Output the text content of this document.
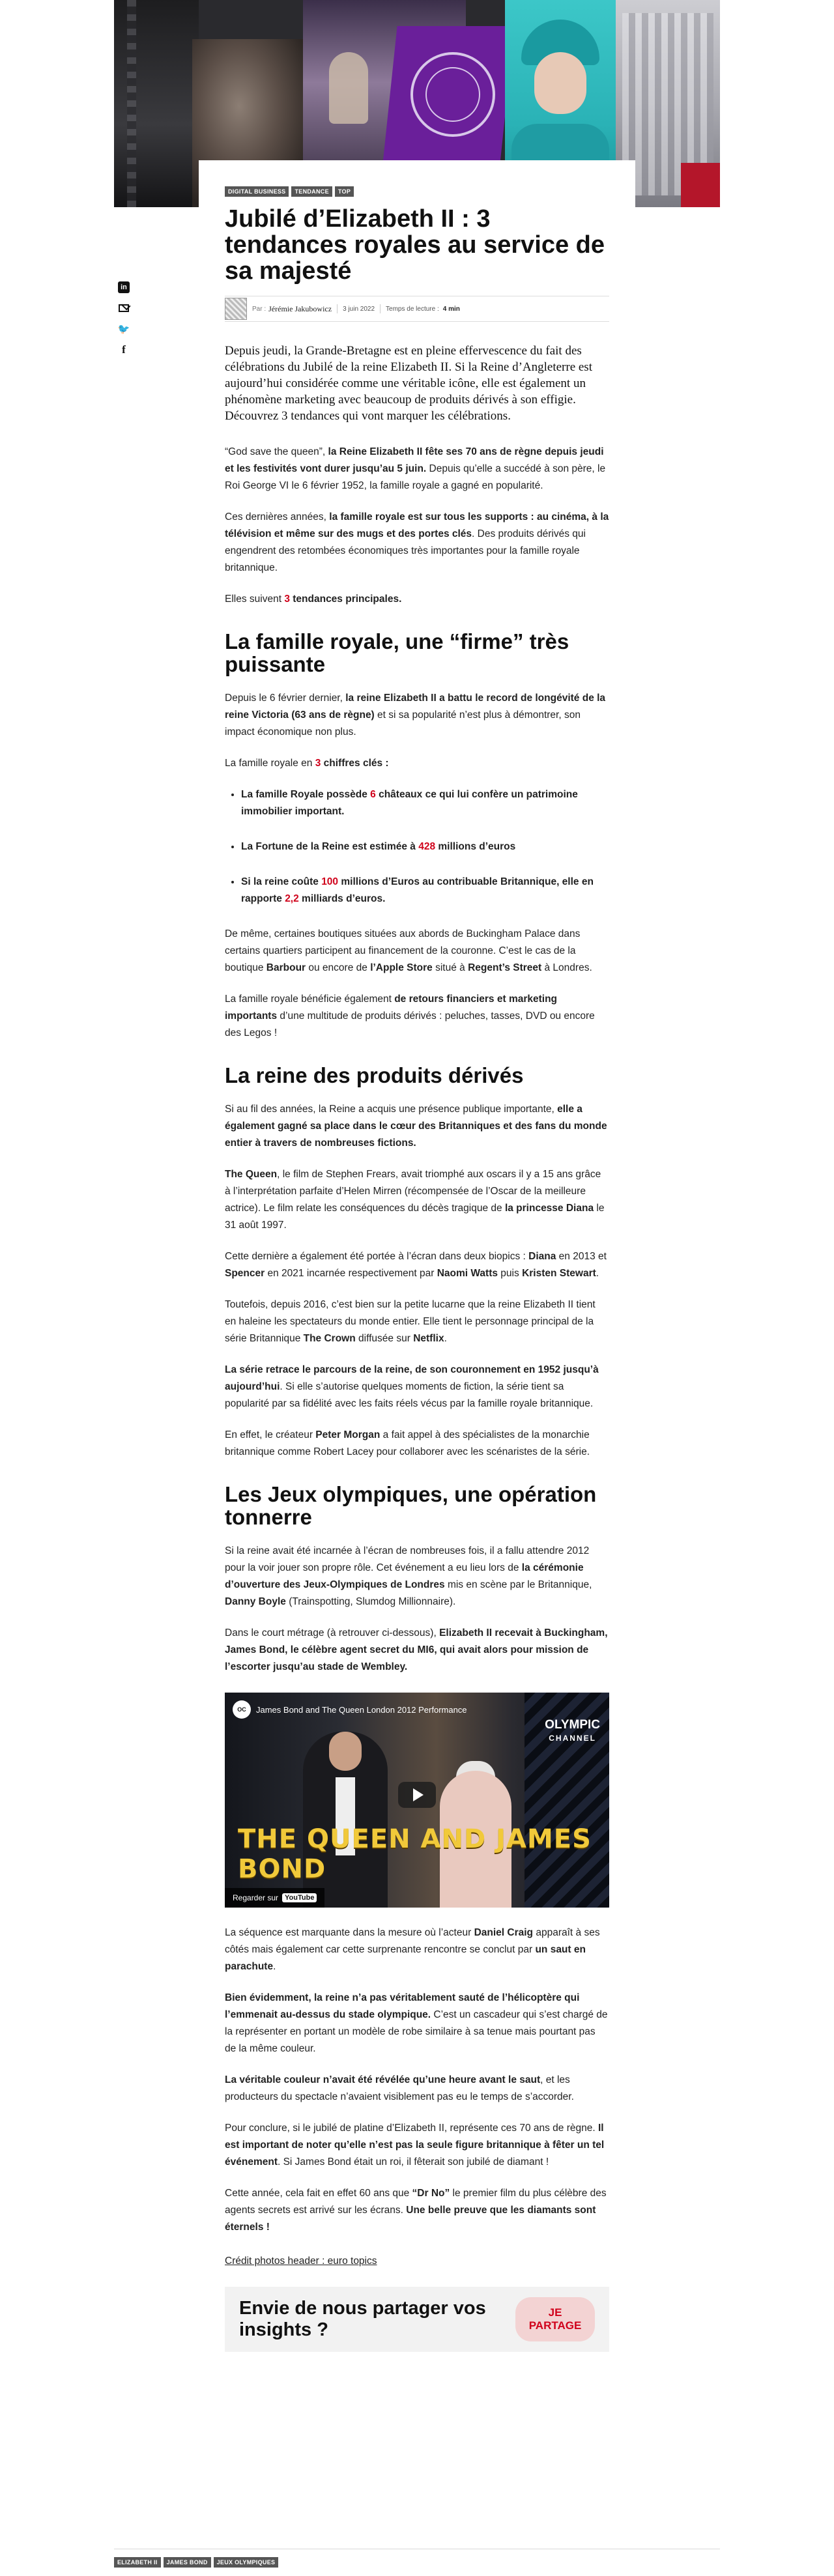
in
🐦
f
DIGITAL BUSINESS	TENDANCE	TOP
Jubilé d’Elizabeth II : 3 tendances royales au service de sa majesté
Par : Jérémie Jakubowicz 3 juin 2022 Temps de lecture : 4 min

Depuis jeudi, la Grande-Bretagne est en pleine effervescence du fait des célébrations du Jubilé de la reine Elizabeth II. Si la Reine d’Angleterre est aujourd’hui considérée comme une véritable icône, elle est également un phénomène marketing avec beaucoup de produits dérivés à son effigie. Découvrez 3 tendances qui vont marquer les célébrations.

“God save the queen”, la Reine Elizabeth II fête ses 70 ans de règne depuis jeudi et les festivités vont durer jusqu’au 5 juin. Depuis qu’elle a succédé à son père, le Roi George VI le 6 février 1952, la famille royale a gagné en popularité.

Ces dernières années, la famille royale est sur tous les supports : au cinéma, à la télévision et même sur des mugs et des portes clés. Des produits dérivés qui engendrent des retombées économiques très importantes pour la famille royale britannique.

Elles suivent 3 tendances principales.

La famille royale, une “firme” très puissante

Depuis le 6 février dernier, la reine Elizabeth II a battu le record de longévité de la reine Victoria (63 ans de règne) et si sa popularité n’est plus à démontrer, son impact économique non plus.

La famille royale en 3 chiffres clés :

• La famille Royale possède 6 châteaux ce qui lui confère un patrimoine immobilier important.
• La Fortune de la Reine est estimée à 428 millions d’euros
• Si la reine coûte 100 millions d’Euros au contribuable Britannique, elle en rapporte 2,2 milliards d’euros.

De même, certaines boutiques situées aux abords de Buckingham Palace dans certains quartiers participent au financement de la couronne. C’est le cas de la boutique Barbour ou encore de l’Apple Store situé à Regent’s Street à Londres.

La famille royale bénéficie également de retours financiers et marketing importants d’une multitude de produits dérivés : peluches, tasses, DVD ou encore des Legos !

La reine des produits dérivés

Si au fil des années, la Reine a acquis une présence publique importante, elle a également gagné sa place dans le cœur des Britanniques et des fans du monde entier à travers de nombreuses fictions.

The Queen, le film de Stephen Frears, avait triomphé aux oscars il y a 15 ans grâce à l’interprétation parfaite d’Helen Mirren (récompensée de l’Oscar de la meilleure actrice). Le film relate les conséquences du décès tragique de la princesse Diana le 31 août 1997.

Cette dernière a également été portée à l’écran dans deux biopics : Diana en 2013 et Spencer en 2021 incarnée respectivement par Naomi Watts puis Kristen Stewart.

Toutefois, depuis 2016, c’est bien sur la petite lucarne que la reine Elizabeth II tient en haleine les spectateurs du monde entier. Elle tient le personnage principal de la série Britannique The Crown diffusée sur Netflix.

La série retrace le parcours de la reine, de son couronnement en 1952 jusqu’à aujourd’hui. Si elle s’autorise quelques moments de fiction, la série tient sa popularité par sa fidélité avec les faits réels vécus par la famille royale britannique.

En effet, le créateur Peter Morgan a fait appel à des spécialistes de la monarchie britannique comme Robert Lacey pour collaborer avec les scénaristes de la série.

Les Jeux olympiques, une opération tonnerre

Si la reine avait été incarnée à l’écran de nombreuses fois, il a fallu attendre 2012 pour la voir jouer son propre rôle. Cet événement a eu lieu lors de la cérémonie d’ouverture des Jeux-Olympiques de Londres mis en scène par le Britannique, Danny Boyle (Trainspotting, Slumdog Millionnaire).

Dans le court métrage (à retrouver ci-dessous), Elizabeth II recevait à Buckingham, James Bond, le célèbre agent secret du MI6, qui avait alors pour mission de l’escorter jusqu’au stade de Wembley.

OC	James Bond and The Queen London 2012 Performance
OLYMPIC
CHANNEL
THE QUEEN AND JAMES BOND
Regarder sur YouTube

La séquence est marquante dans la mesure où l’acteur Daniel Craig apparaît à ses côtés mais également car cette surprenante rencontre se conclut par un saut en parachute.

Bien évidemment, la reine n’a pas véritablement sauté de l’hélicoptère qui l’emmenait au-dessus du stade olympique. C’est un cascadeur qui s’est chargé de la représenter en portant un modèle de robe similaire à sa tenue mais pourtant pas de la même couleur.

La véritable couleur n’avait été révélée qu’une heure avant le saut, et les producteurs du spectacle n’avaient visiblement pas eu le temps de s’accorder.

Pour conclure, si le jubilé de platine d’Elizabeth II, représente ces 70 ans de règne. Il est important de noter qu’elle n’est pas la seule figure britannique à fêter un tel événement. Si James Bond était un roi, il fêterait son jubilé de diamant !

Cette année, cela fait en effet 60 ans que “Dr No” le premier film du plus célèbre des agents secrets est arrivé sur les écrans. Une belle preuve que les diamants sont éternels !

Crédit photos header : euro topics

Envie de nous partager vos insights ?
JE PARTAGE
ELIZABETH II	JAMES BOND	JEUX OLYMPIQUES
